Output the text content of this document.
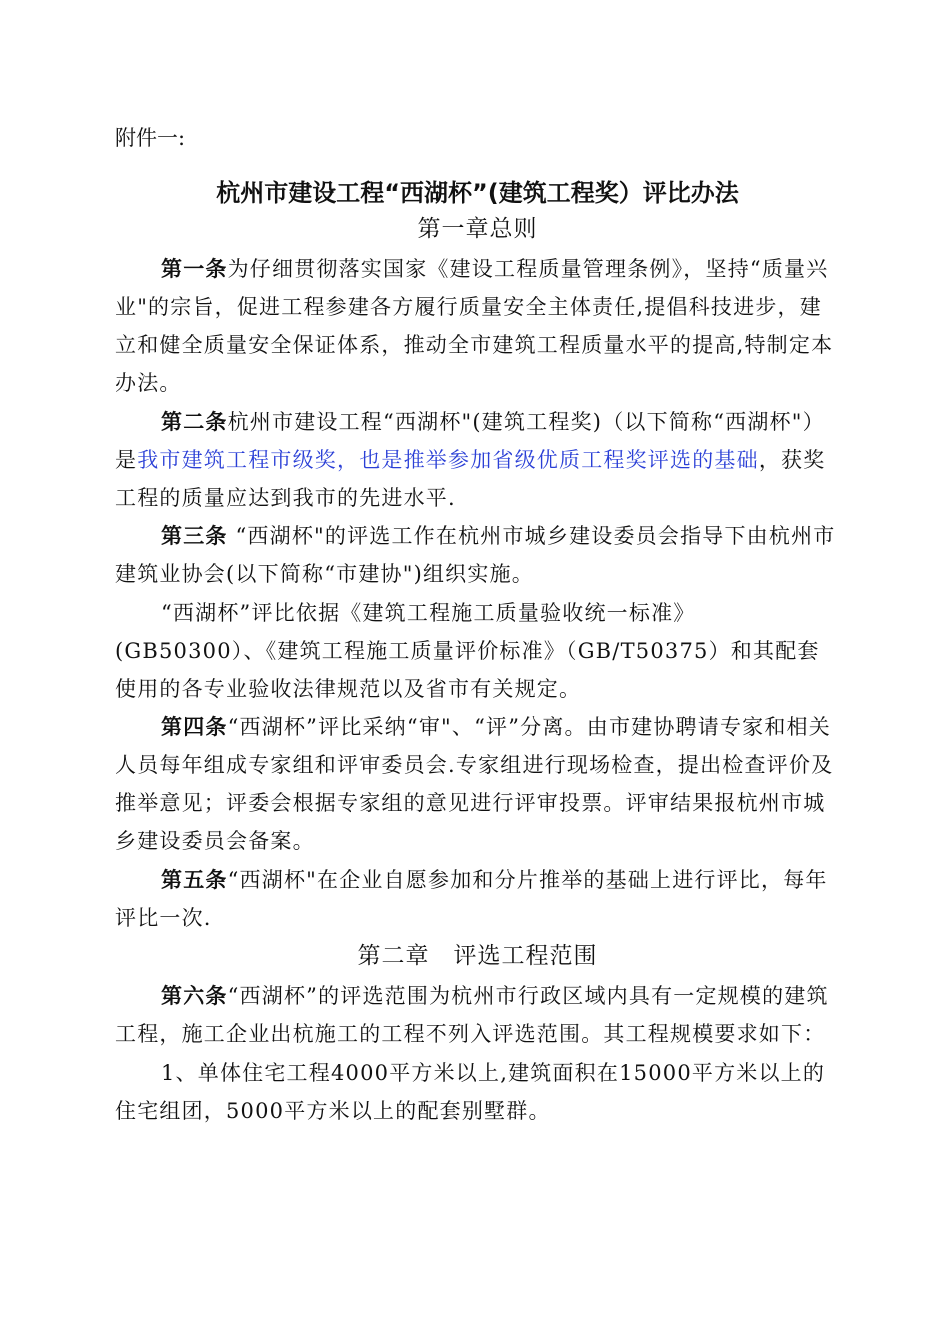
附件一:
杭州市建设工程“西湖杯”(建筑工程奖）评比办法
第一章总则

第一条为仔细贯彻落实国家《建设工程质量管理条例》，坚持“质量兴业"的宗旨，促进工程参建各方履行质量安全主体责任,提倡科技进步，建立和健全质量安全保证体系，推动全市建筑工程质量水平的提高,特制定本办法。

第二条杭州市建设工程“西湖杯"(建筑工程奖)（以下简称“西湖杯"）是我市建筑工程市级奖，也是推举参加省级优质工程奖评选的基础，获奖工程的质量应达到我市的先进水平.

第三条 “西湖杯"的评选工作在杭州市城乡建设委员会指导下由杭州市建筑业协会(以下简称“市建协")组织实施。

“西湖杯”评比依据《建筑工程施工质量验收统一标准》(GB50300）、《建筑工程施工质量评价标准》（GB/T50375）和其配套使用的各专业验收法律规范以及省市有关规定。

第四条“西湖杯”评比采纳“审"、“评”分离。由市建协聘请专家和相关人员每年组成专家组和评审委员会.专家组进行现场检查，提出检查评价及推举意见；评委会根据专家组的意见进行评审投票。评审结果报杭州市城乡建设委员会备案。

第五条“西湖杯"在企业自愿参加和分片推举的基础上进行评比，每年评比一次.

第二章　评选工程范围

第六条“西湖杯”的评选范围为杭州市行政区域内具有一定规模的建筑工程，施工企业出杭施工的工程不列入评选范围。其工程规模要求如下：

1、单体住宅工程4000平方米以上,建筑面积在15000平方米以上的住宅组团，5000平方米以上的配套别墅群。
